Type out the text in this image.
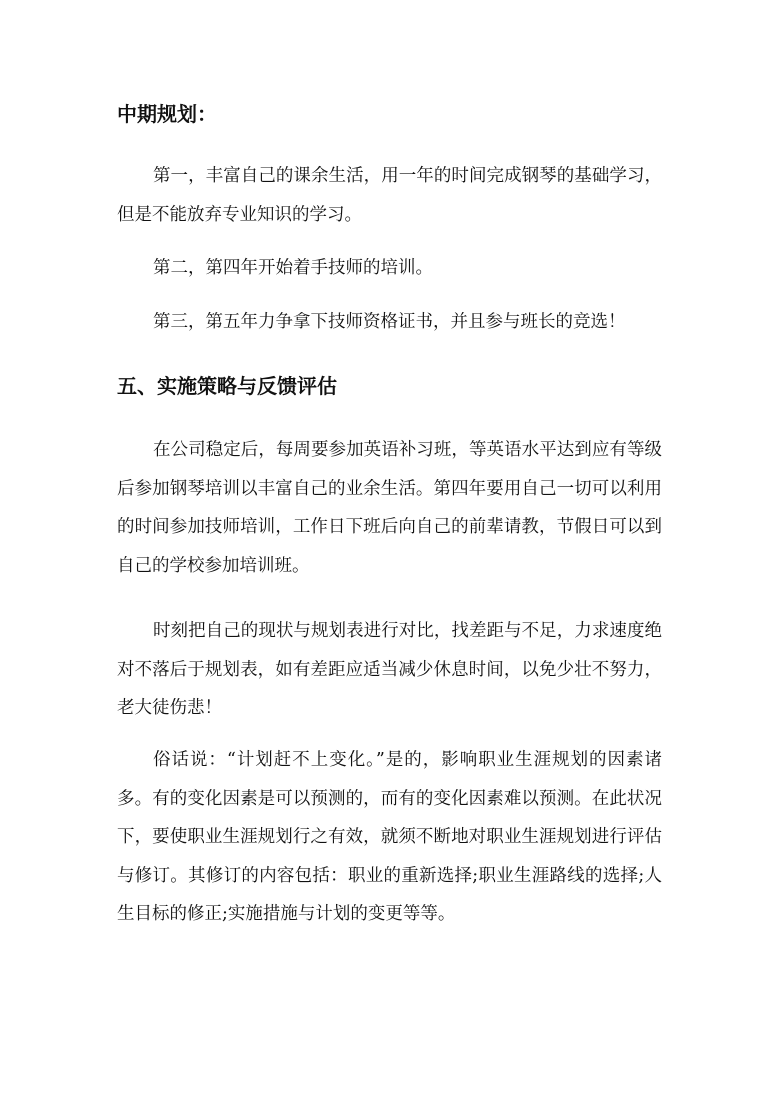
中期规划：

第一，丰富自己的课余生活，用一年的时间完成钢琴的基础学习，但是不能放弃专业知识的学习。

第二，第四年开始着手技师的培训。

第三，第五年力争拿下技师资格证书，并且参与班长的竞选！

五、实施策略与反馈评估

在公司稳定后，每周要参加英语补习班，等英语水平达到应有等级后参加钢琴培训以丰富自己的业余生活。第四年要用自己一切可以利用的时间参加技师培训，工作日下班后向自己的前辈请教，节假日可以到自己的学校参加培训班。

时刻把自己的现状与规划表进行对比，找差距与不足，力求速度绝对不落后于规划表，如有差距应适当减少休息时间，以免少壮不努力，老大徒伤悲！

俗话说：“计划赶不上变化。”是的，影响职业生涯规划的因素诸多。有的变化因素是可以预测的，而有的变化因素难以预测。在此状况下，要使职业生涯规划行之有效，就须不断地对职业生涯规划进行评估与修订。其修订的内容包括：职业的重新选择;职业生涯路线的选择;人生目标的修正;实施措施与计划的变更等等。
